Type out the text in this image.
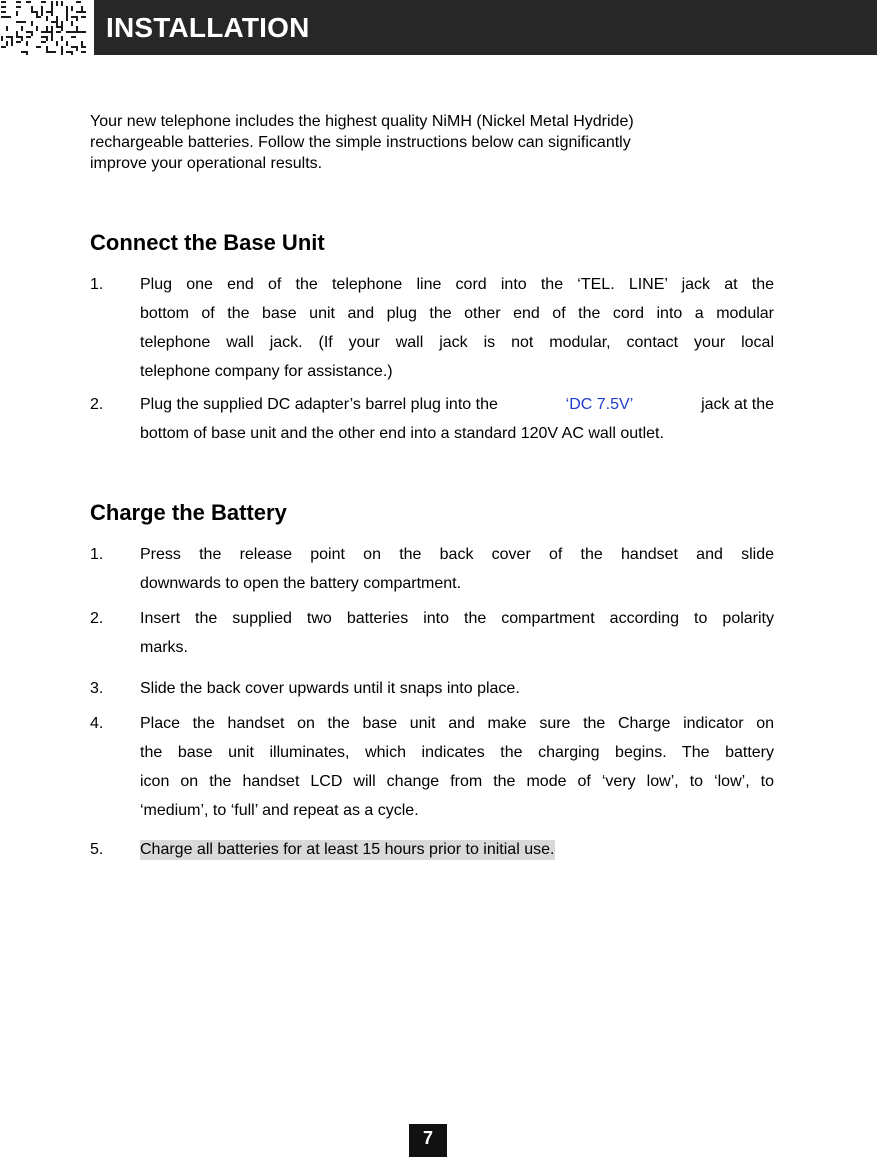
INSTALLATION
Your new telephone includes the highest quality NiMH (Nickel Metal Hydride)
rechargeable batteries. Follow the simple instructions below can significantly
improve your operational results.
Connect the Base Unit
1. Plug one end of the telephone line cord into the ‘TEL. LINE’ jack at the
bottom of the base unit and plug the other end of the cord into a modular
telephone wall jack. (If your wall jack is not modular, contact your local
telephone company for assistance.)
2. Plug the supplied DC adapter’s barrel plug into the	‘DC 7.5V’	jack at the
bottom of base unit and the other end into a standard 120V AC wall outlet.
Charge the Battery
1. Press the release point on the back cover of the handset and slide
downwards to open the battery compartment.
2. Insert the supplied two batteries into the compartment according to polarity
marks.
3. Slide the back cover upwards until it snaps into place.
4. Place the handset on the base unit and make sure the Charge indicator on
the base unit illuminates, which indicates the charging begins. The battery
icon on the handset LCD will change from the mode of ‘very low’, to ‘low’, to
‘medium’, to ‘full’ and repeat as a cycle.
5. Charge all batteries for at least 15 hours prior to initial use.
7
